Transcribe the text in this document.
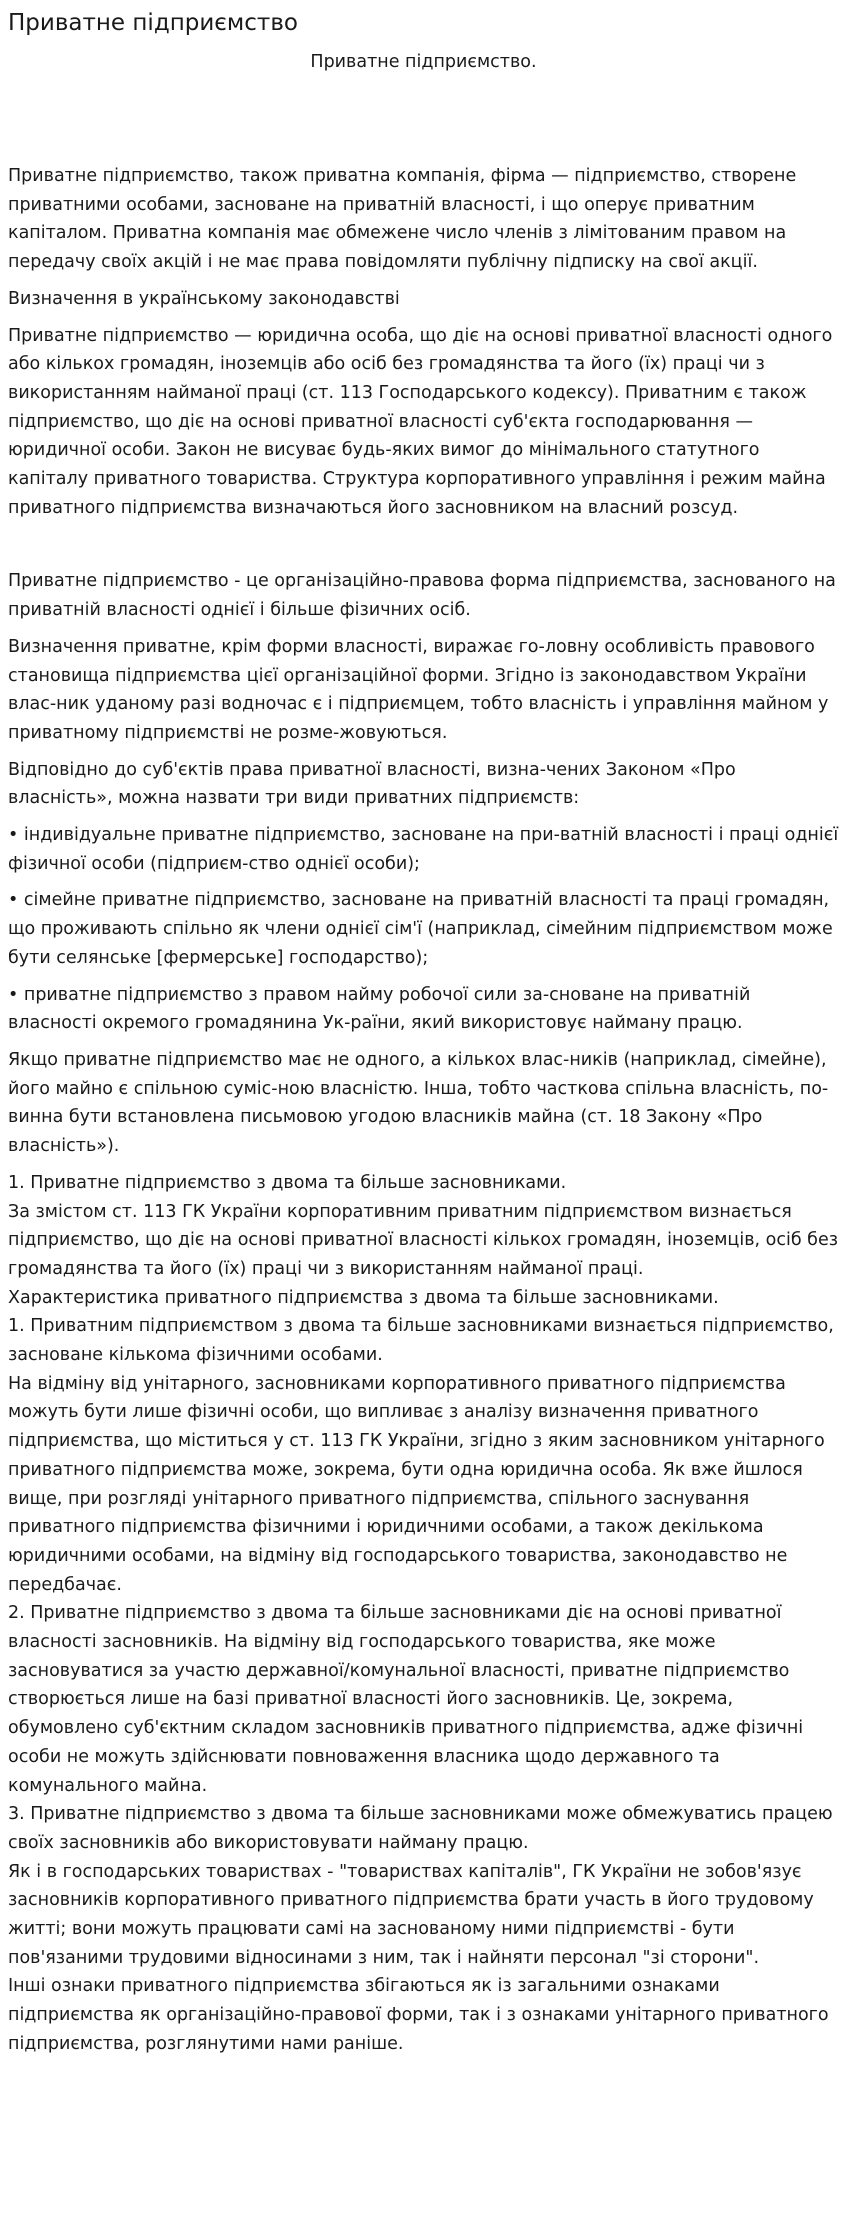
Приватне підприємство
Приватне підприємство.

Приватне підприємство, також приватна компанія, фірма — підприємство, створене приватними особами, засноване на приватній власності, і що оперує приватним капіталом. Приватна компанія має обмежене число членів з лімітованим правом на передачу своїх акцій і не має права повідомляти публічну підписку на свої акції.

Визначення в українському законодавстві

Приватне підприємство — юридична особа, що діє на основі приватної власності одного або кількох громадян, іноземців або осіб без громадянства та його (їх) праці чи з використанням найманої праці (ст. 113 Господарського кодексу). Приватним є також підприємство, що діє на основі приватної власності суб'єкта господарювання — юридичної особи. Закон не висуває будь-яких вимог до мінімального статутного капіталу приватного товариства. Структура корпоративного управління і режим майна приватного підприємства визначаються його засновником на власний розсуд.

Приватне підприємство - це організаційно-правова форма підприємства, заснованого на приватній власності однієї і більше фізичних осіб.

Визначення приватне, крім форми власності, виражає го-ловну особливість правового становища підприємства цієї організаційної форми. Згідно із законодавством України влас-ник уданому разі водночас є і підприємцем, тобто власність і управління майном у приватному підприємстві не розме-жовуються.

Відповідно до суб'єктів права приватної власності, визна-чених Законом «Про власність», можна назвати три види приватних підприємств:

• індивідуальне приватне підприємство, засноване на при-ватній власності і праці однієї фізичної особи (підприєм-ство однієї особи);

• сімейне приватне підприємство, засноване на приватній власності та праці громадян, що проживають спільно як члени однієї сім'ї (наприклад, сімейним підприємством може бути селянське [фермерське] господарство);

• приватне підприємство з правом найму робочої сили за-сноване на приватній власності окремого громадянина Ук-раїни, який використовує найману працю.

Якщо приватне підприємство має не одного, а кількох влас-ників (наприклад, сімейне), його майно є спільною суміс-ною власністю. Інша, тобто часткова спільна власність, по-винна бути встановлена письмовою угодою власників майна (ст. 18 Закону «Про власність»).

1. Приватне підприємство з двома та більше засновниками.
За змістом ст. 113 ГК України корпоративним приватним підприємством визнається підприємство, що діє на основі приватної власності кількох громадян, іноземців, осіб без громадянства та його (їх) праці чи з використанням найманої праці.
Характеристика приватного підприємства з двома та більше засновниками.
1. Приватним підприємством з двома та більше засновниками визнається підприємство, засноване кількома фізичними особами.
На відміну від унітарного, засновниками корпоративного приватного підприємства можуть бути лише фізичні особи, що випливає з аналізу визначення приватного підприємства, що міститься у ст. 113 ГК України, згідно з яким засновником унітарного приватного підприємства може, зокрема, бути одна юридична особа. Як вже йшлося вище, при розгляді унітарного приватного підприємства, спільного заснування приватного підприємства фізичними і юридичними особами, а також декількома юридичними особами, на відміну від господарського товариства, законодавство не передбачає.
2. Приватне підприємство з двома та більше засновниками діє на основі приватної власності засновників. На відміну від господарського товариства, яке може засновуватися за участю державної/комунальної власності, приватне підприємство створюється лише на базі приватної власності його засновників. Це, зокрема, обумовлено суб'єктним складом засновників приватного підприємства, адже фізичні особи не можуть здійснювати повноваження власника щодо державного та комунального майна.
3. Приватне підприємство з двома та більше засновниками може обмежуватись працею своїх засновників або використовувати найману працю.
Як і в господарських товариствах - "товариствах капіталів", ГК України не зобов'язує засновників корпоративного приватного підприємства брати участь в його трудовому житті; вони можуть працювати самі на заснованому ними підприємстві - бути пов'язаними трудовими відносинами з ним, так і найняти персонал "зі сторони".
Інші ознаки приватного підприємства збігаються як із загальними ознаками підприємства як організаційно-правової форми, так і з ознаками унітарного приватного підприємства, розглянутими нами раніше.
